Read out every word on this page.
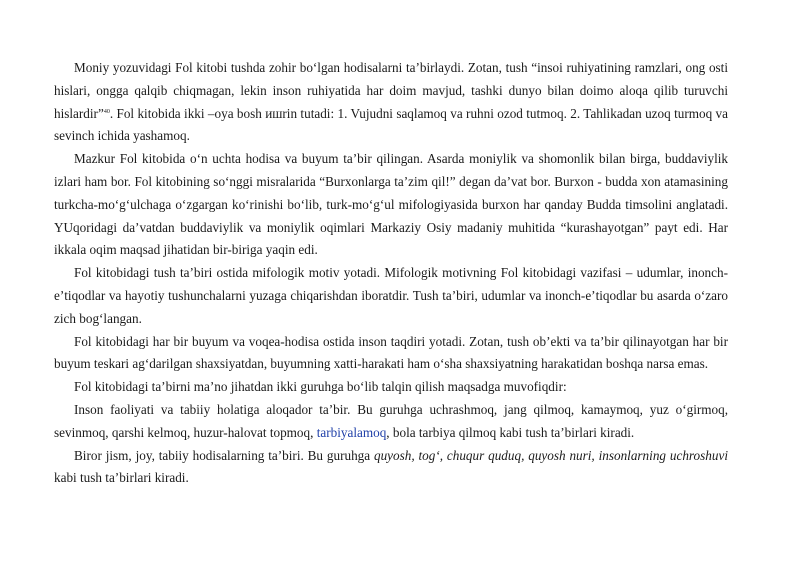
Moniy yozuvidagi Fol kitobi tushda zohir boʻlgan hodisalarni taʼbirlaydi. Zotan, tush “insoi ruhiyatining ramzlari, ong osti hislari, ongga qalqib chiqmagan, lekin inson ruhiyatida har doim mavjud, tashki dunyo bilan doimo aloqa qilib turuvchi hislardir”$^{40}$. Fol kitobida ikki –oya bosh ишrin tutadi: 1. Vujudni saqlamoq va ruhni ozod tutmoq. 2. Tahlikadan uzoq turmoq va sevinch ichida yashamoq.

Mazkur Fol kitobida oʻn uchta hodisa va buyum taʼbir qilingan. Asarda moniylik va shomonlik bilan birga, buddaviylik izlari ham bor. Fol kitobining soʻnggi misralarida “Burxonlarga taʼzim qil!” degan daʼvat bor. Burxon - budda xon atamasining turkcha-moʻgʻulchaga oʻzgargan koʻrinishi boʻlib, turk-moʻgʻul mifologiyasida burxon har qanday Budda timsolini anglatadi. YUqoridagi daʼvatdan buddaviylik va moniylik oqimlari Markaziy Osiy madaniy muhitida “kurashayotgan” payt edi. Har ikkala oqim maqsad jihatidan bir-biriga yaqin edi.

Fol kitobidagi tush taʼbiri ostida mifologik motiv yotadi. Mifologik motivning Fol kitobidagi vazifasi – udumlar, inonch-eʼtiqodlar va hayotiy tushunchalarni yuzaga chiqarishdan iboratdir. Tush taʼbiri, udumlar va inonch-eʼtiqodlar bu asarda oʻzaro zich bogʻlangan.

Fol kitobidagi har bir buyum va voqea-hodisa ostida inson taqdiri yotadi. Zotan, tush obʼekti va taʼbir qilinayotgan har bir buyum teskari agʻdarilgan shaxsiyatdan, buyumning xatti-harakati ham oʻsha shaxsiyatning harakatidan boshqa narsa emas.

Fol kitobidagi taʼbirni maʼno jihatdan ikki guruhga boʻlib talqin qilish maqsadga muvofiqdir:

Inson faoliyati va tabiiy holatiga aloqador taʼbir. Bu guruhga uchrashmoq, jang qilmoq, kamaymoq, yuz oʻgirmoq, sevinmoq, qarshi kelmoq, huzur-halovat topmoq, tarbiyalamoq, bola tarbiya qilmoq kabi tush taʼbirlari kiradi.

Biror jism, joy, tabiiy hodisalarning taʼbiri. Bu guruhga quyosh, togʻ, chuqur quduq, quyosh nuri, insonlarning uchroshuvi kabi tush taʼbirlari kiradi.
